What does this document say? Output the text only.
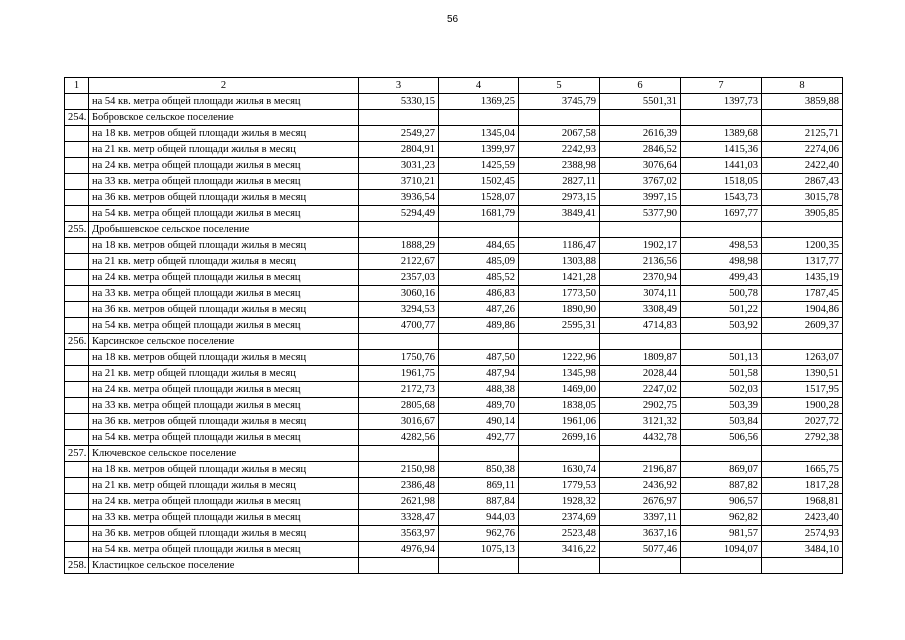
56
1	2	3	4	5	6	7	8
	на 54 кв. метра общей площади жилья в месяц	5330,15	1369,25	3745,79	5501,31	1397,73	3859,88
254.	Бобровское сельское поселение						
	на 18 кв. метров общей площади жилья в месяц	2549,27	1345,04	2067,58	2616,39	1389,68	2125,71
	на 21 кв. метр общей площади жилья в месяц	2804,91	1399,97	2242,93	2846,52	1415,36	2274,06
	на 24 кв. метра общей площади жилья в месяц	3031,23	1425,59	2388,98	3076,64	1441,03	2422,40
	на 33 кв. метра общей площади жилья в месяц	3710,21	1502,45	2827,11	3767,02	1518,05	2867,43
	на 36 кв. метров общей площади жилья в месяц	3936,54	1528,07	2973,15	3997,15	1543,73	3015,78
	на 54 кв. метра общей площади жилья в месяц	5294,49	1681,79	3849,41	5377,90	1697,77	3905,85
255.	Дробышевское сельское поселение						
	на 18 кв. метров общей площади жилья в месяц	1888,29	484,65	1186,47	1902,17	498,53	1200,35
	на 21 кв. метр общей площади жилья в месяц	2122,67	485,09	1303,88	2136,56	498,98	1317,77
	на 24 кв. метра общей площади жилья в месяц	2357,03	485,52	1421,28	2370,94	499,43	1435,19
	на 33 кв. метра общей площади жилья в месяц	3060,16	486,83	1773,50	3074,11	500,78	1787,45
	на 36 кв. метров общей площади жилья в месяц	3294,53	487,26	1890,90	3308,49	501,22	1904,86
	на 54 кв. метра общей площади жилья в месяц	4700,77	489,86	2595,31	4714,83	503,92	2609,37
256.	Карсинское сельское поселение						
	на 18 кв. метров общей площади жилья в месяц	1750,76	487,50	1222,96	1809,87	501,13	1263,07
	на 21 кв. метр общей площади жилья в месяц	1961,75	487,94	1345,98	2028,44	501,58	1390,51
	на 24 кв. метра общей площади жилья в месяц	2172,73	488,38	1469,00	2247,02	502,03	1517,95
	на 33 кв. метра общей площади жилья в месяц	2805,68	489,70	1838,05	2902,75	503,39	1900,28
	на 36 кв. метров общей площади жилья в месяц	3016,67	490,14	1961,06	3121,32	503,84	2027,72
	на 54 кв. метра общей площади жилья в месяц	4282,56	492,77	2699,16	4432,78	506,56	2792,38
257.	Ключевское сельское поселение						
	на 18 кв. метров общей площади жилья в месяц	2150,98	850,38	1630,74	2196,87	869,07	1665,75
	на 21 кв. метр общей площади жилья в месяц	2386,48	869,11	1779,53	2436,92	887,82	1817,28
	на 24 кв. метра общей площади жилья в месяц	2621,98	887,84	1928,32	2676,97	906,57	1968,81
	на 33 кв. метра общей площади жилья в месяц	3328,47	944,03	2374,69	3397,11	962,82	2423,40
	на 36 кв. метров общей площади жилья в месяц	3563,97	962,76	2523,48	3637,16	981,57	2574,93
	на 54 кв. метра общей площади жилья в месяц	4976,94	1075,13	3416,22	5077,46	1094,07	3484,10
258.	Кластицкое сельское поселение						
